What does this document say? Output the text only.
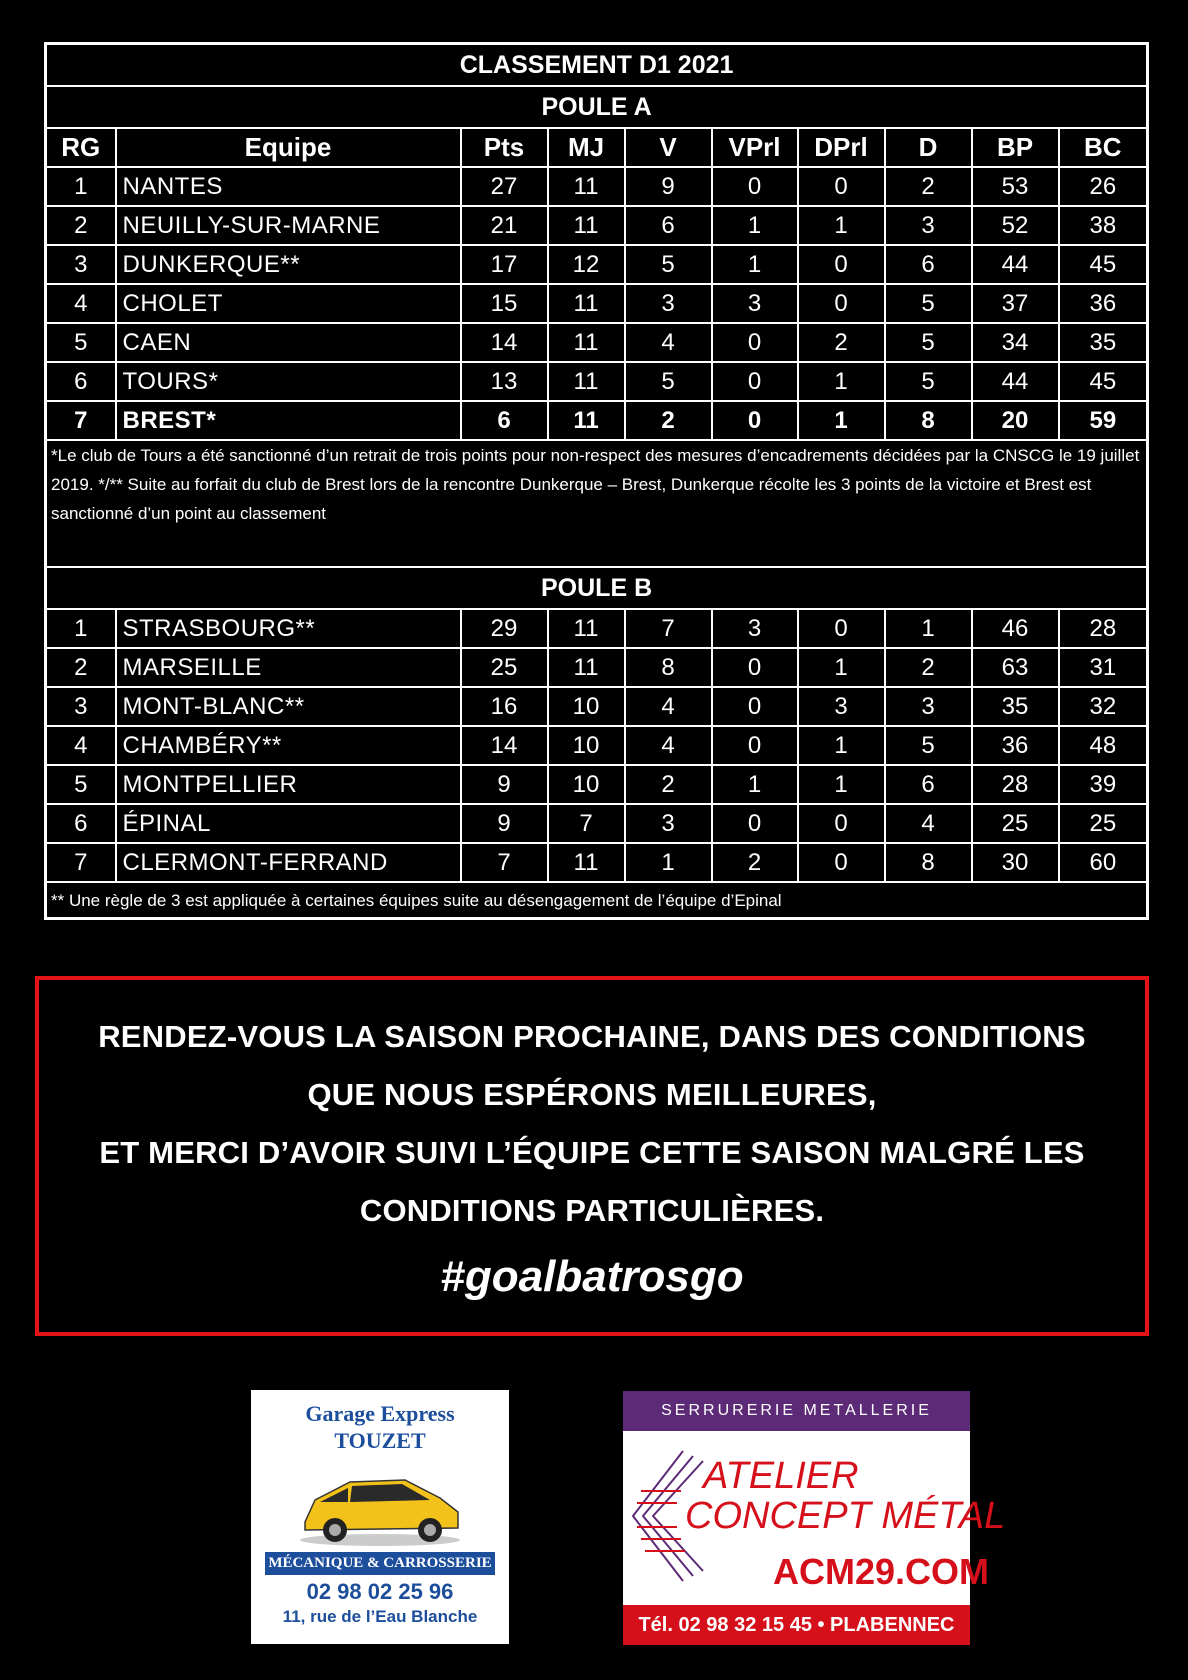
CLASSEMENT D1 2021									
POULE A									
RG	Equipe	Pts	MJ	V	VPrl	DPrl	D	BP	BC
1	NANTES	27	11	9	0	0	2	53	26
2	NEUILLY-SUR-MARNE	21	11	6	1	1	3	52	38
3	DUNKERQUE**	17	12	5	1	0	6	44	45
4	CHOLET	15	11	3	3	0	5	37	36
5	CAEN	14	11	4	0	2	5	34	35
6	TOURS*	13	11	5	0	1	5	44	45
7	BREST*	6	11	2	0	1	8	20	59
*Le club de Tours a été sanctionné d’un retrait de trois points pour non-respect des mesures d’encadrements décidées par la CNSCG le 19 juillet 2019. */** Suite au forfait du club de Brest lors de la rencontre Dunkerque – Brest, Dunkerque récolte les 3 points de la victoire et Brest est sanctionné d’un point au classement									
POULE B									
1	STRASBOURG**	29	11	7	3	0	1	46	28
2	MARSEILLE	25	11	8	0	1	2	63	31
3	MONT-BLANC**	16	10	4	0	3	3	35	32
4	CHAMBÉRY**	14	10	4	0	1	5	36	48
5	MONTPELLIER	9	10	2	1	1	6	28	39
6	ÉPINAL	9	7	3	0	0	4	25	25
7	CLERMONT-FERRAND	7	11	1	2	0	8	30	60
** Une règle de 3 est appliquée à certaines équipes suite au désengagement de l’équipe d’Epinal									
RENDEZ-VOUS LA SAISON PROCHAINE, DANS DES CONDITIONS
QUE NOUS ESPÉRONS MEILLEURES,
ET MERCI D’AVOIR SUIVI L’ÉQUIPE CETTE SAISON MALGRÉ LES
CONDITIONS PARTICULIÈRES.
#goalbatrosgo
Garage Express
TOUZET
MÉCANIQUE & CARROSSERIE
02 98 02 25 96
11, rue de l’Eau Blanche
SERRURERIE METALLERIE
ATELIER
CONCEPT MÉTAL
ACM29.COM
Tél. 02 98 32 15 45 • PLABENNEC
